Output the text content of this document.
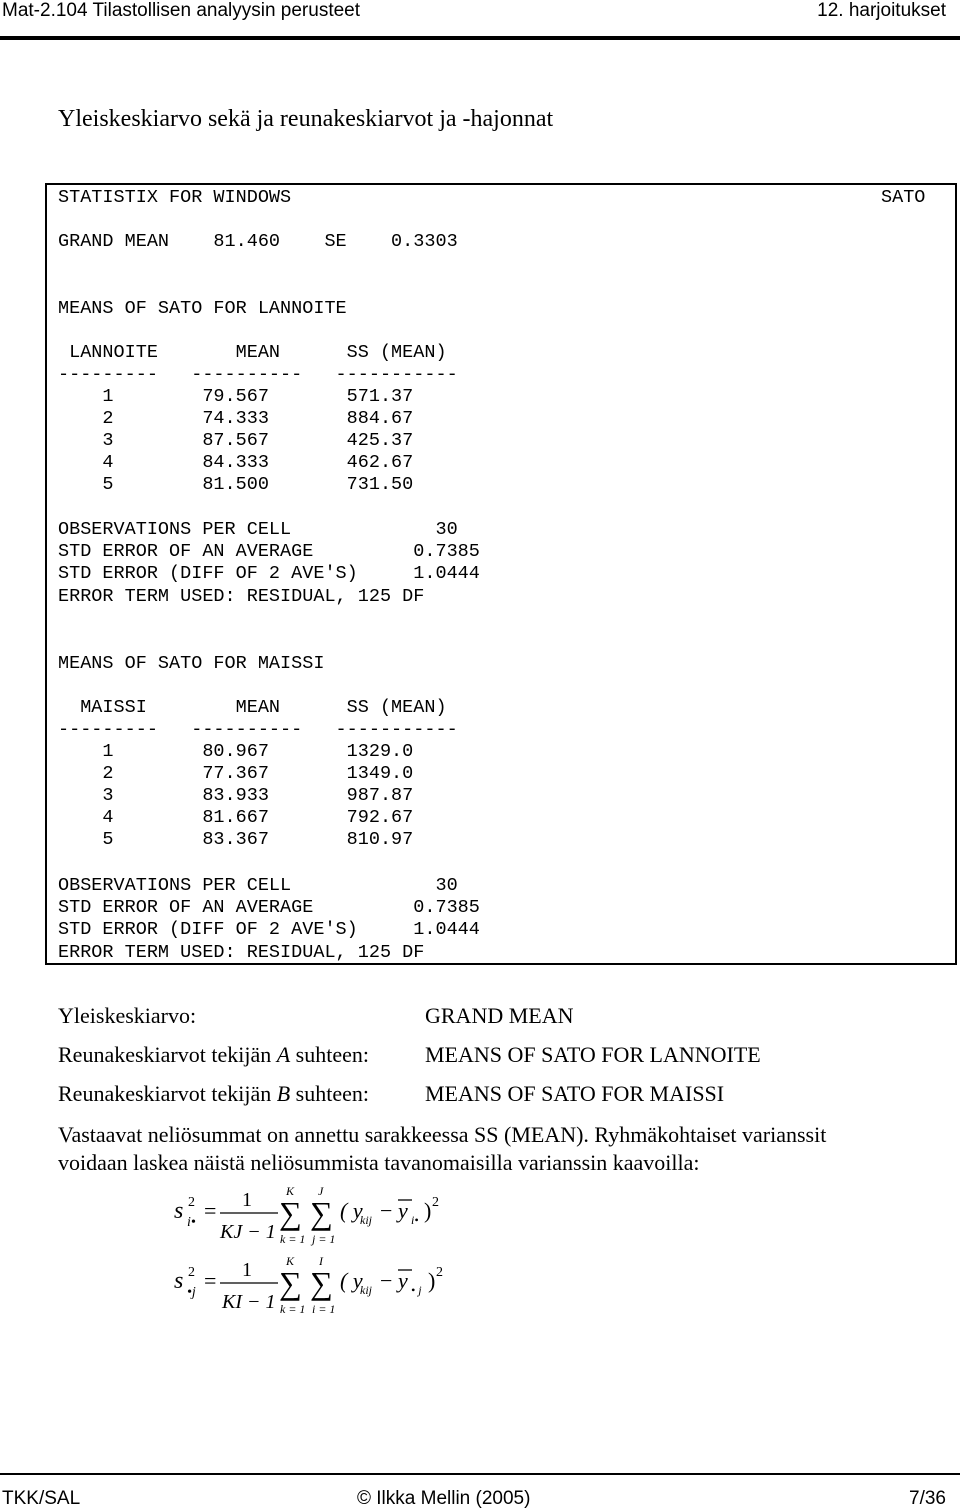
Mat-2.104 Tilastollisen analyysin perusteet	12. harjoitukset
Yleiskeskiarvo sekä ja reunakeskiarvot ja -hajonnat
STATISTIX FOR WINDOWS	SATO
GRAND MEAN    81.460    SE    0.3303
MEANS OF SATO FOR LANNOITE
LANNOITE       MEAN      SS (MEAN)
---------   ----------   -----------
1        79.567       571.37
2        74.333       884.67
3        87.567       425.37
4        84.333       462.67
5        81.500       731.50
OBSERVATIONS PER CELL             30
STD ERROR OF AN AVERAGE         0.7385
STD ERROR (DIFF OF 2 AVE'S)     1.0444
ERROR TERM USED: RESIDUAL, 125 DF
MEANS OF SATO FOR MAISSI
MAISSI        MEAN      SS (MEAN)
---------   ----------   -----------
1        80.967       1329.0
2        77.367       1349.0
3        83.933       987.87
4        81.667       792.67
5        83.367       810.97
OBSERVATIONS PER CELL             30
STD ERROR OF AN AVERAGE         0.7385
STD ERROR (DIFF OF 2 AVE'S)     1.0444
ERROR TERM USED: RESIDUAL, 125 DF
Yleiskeskiarvo:	GRAND MEAN
Reunakeskiarvot tekijän A suhteen:	MEANS OF SATO FOR LANNOITE
Reunakeskiarvot tekijän B suhteen:	MEANS OF SATO FOR MAISSI
Vastaavat neliösummat on annettu sarakkeessa SS (MEAN). Ryhmäkohtaiset varianssit
voidaan laskea näistä neliösummista tavanomaisilla varianssin kaavoilla:
s 2
i• = 1
KJ − 1
K
∑
k = 1
J
∑
j = 1
( y
kij − y i• ) 2
s 2
•j = 1
KI − 1
K
∑
k = 1
I
∑
i = 1
( y
kij − y • j ) 2
TKK/SAL	© Ilkka Mellin (2005)	7/36
